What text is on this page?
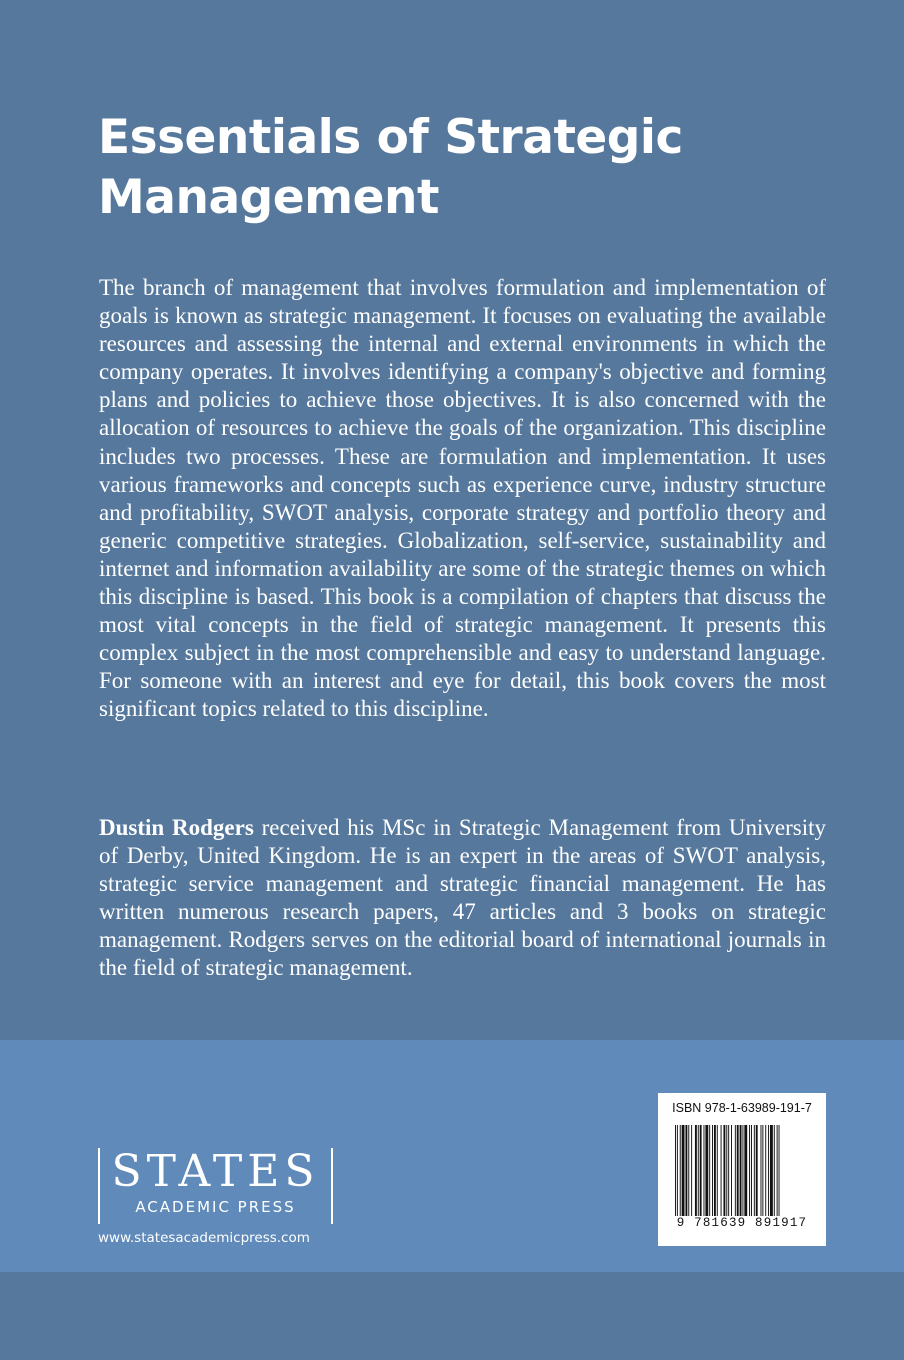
Essentials of Strategic Management

The branch of management that involves formulation and implementation of goals is known as strategic management. It focuses on evaluating the available resources and assessing the internal and external environments in which the company operates. It involves identifying a company's objective and forming plans and policies to achieve those objectives. It is also concerned with the allocation of resources to achieve the goals of the organization. This discipline includes two processes. These are formulation and implementation. It uses various frameworks and concepts such as experience curve, industry structure and profitability, SWOT analysis, corporate strategy and portfolio theory and generic competitive strategies. Globalization, self-service, sustainability and internet and information availability are some of the strategic themes on which this discipline is based. This book is a compilation of chapters that discuss the most vital concepts in the field of strategic management. It presents this complex subject in the most comprehensible and easy to understand language. For someone with an interest and eye for detail, this book covers the most significant topics related to this discipline.

Dustin Rodgers received his MSc in Strategic Management from University of Derby, United Kingdom. He is an expert in the areas of SWOT analysis, strategic service management and strategic financial management. He has written numerous research papers, 47 articles and 3 books on strategic management. Rodgers serves on the editorial board of international journals in the field of strategic management.

STATES
ACADEMIC PRESS
www.statesacademicpress.com
ISBN 978-1-63989-191-7
9 781639 891917
